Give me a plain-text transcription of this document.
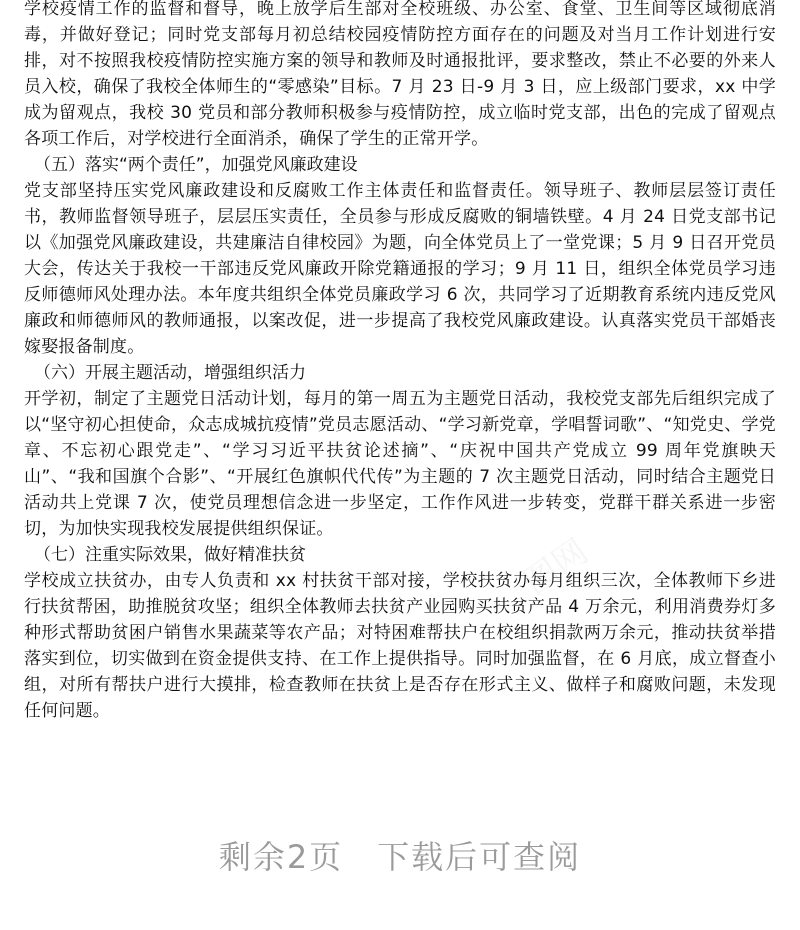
图网

学校疫情工作的监督和督导，晚上放学后生部对全校班级、办公室、食堂、卫生间等区域彻底消毒，并做好登记；同时党支部每月初总结校园疫情防控方面存在的问题及对当月工作计划进行安排，对不按照我校疫情防控实施方案的领导和教师及时通报批评，要求整改，禁止不必要的外来人员入校，确保了我校全体师生的“零感染”目标。7 月 23 日-9 月 3 日，应上级部门要求，xx 中学成为留观点，我校 30 党员和部分教师积极参与疫情防控，成立临时党支部，出色的完成了留观点各项工作后，对学校进行全面消杀，确保了学生的正常开学。

（五）落实“两个责任”，加强党风廉政建设

党支部坚持压实党风廉政建设和反腐败工作主体责任和监督责任。领导班子、教师层层签订责任书，教师监督领导班子，层层压实责任，全员参与形成反腐败的铜墙铁壁。4 月 24 日党支部书记以《加强党风廉政建设，共建廉洁自律校园》为题，向全体党员上了一堂党课；5 月 9 日召开党员大会，传达关于我校一干部违反党风廉政开除党籍通报的学习；9 月 11 日，组织全体党员学习违反师德师风处理办法。本年度共组织全体党员廉政学习 6 次，共同学习了近期教育系统内违反党风廉政和师德师风的教师通报，以案改促，进一步提高了我校党风廉政建设。认真落实党员干部婚丧嫁娶报备制度。

（六）开展主题活动，增强组织活力

开学初，制定了主题党日活动计划，每月的第一周五为主题党日活动，我校党支部先后组织完成了以“坚守初心担使命，众志成城抗疫情”党员志愿活动、“学习新党章，学唱誓词歌”、“知党史、学党章、不忘初心跟党走”、“学习习近平扶贫论述摘”、“庆祝中国共产党成立 99 周年党旗映天山”、“我和国旗个合影”、“开展红色旗帜代代传”为主题的 7 次主题党日活动，同时结合主题党日活动共上党课 7 次，使党员理想信念进一步坚定，工作作风进一步转变，党群干群关系进一步密切，为加快实现我校发展提供组织保证。

（七）注重实际效果，做好精准扶贫

学校成立扶贫办，由专人负责和 xx 村扶贫干部对接，学校扶贫办每月组织三次，全体教师下乡进行扶贫帮困，助推脱贫攻坚；组织全体教师去扶贫产业园购买扶贫产品 4 万余元，利用消费券灯多种形式帮助贫困户销售水果蔬菜等农产品；对特困难帮扶户在校组织捐款两万余元，推动扶贫举措落实到位，切实做到在资金提供支持、在工作上提供指导。同时加强监督，在 6 月底，成立督查小组，对所有帮扶户进行大摸排，检查教师在扶贫上是否存在形式主义、做样子和腐败问题，未发现任何问题。

剩余2页　下载后可查阅
